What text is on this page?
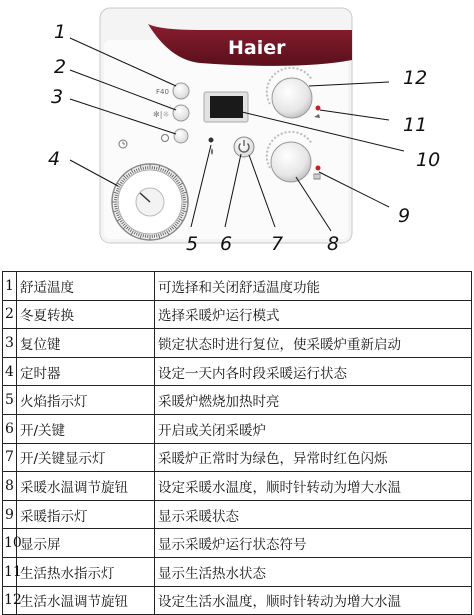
Haier
F40
✻|☼
1
2
3
4
5 6 7 8
9
10
11
12
1	舒适温度	可选择和关闭舒适温度功能
2	冬夏转换	选择采暖炉运行模式
3	复位键	锁定状态时进行复位，使采暖炉重新启动
4	定时器	设定一天内各时段采暖运行状态
5	火焰指示灯	采暖炉燃烧加热时亮
6	开/关键	开启或关闭采暖炉
7	开/关键显示灯	采暖炉正常时为绿色，异常时红色闪烁
8	采暖水温调节旋钮	设定采暖水温度，顺时针转动为增大水温
9	采暖指示灯	显示采暖状态
10	显示屏	显示采暖炉运行状态符号
11	生活热水指示灯	显示生活热水状态
12	生活水温调节旋钮	设定生活水温度，顺时针转动为增大水温
